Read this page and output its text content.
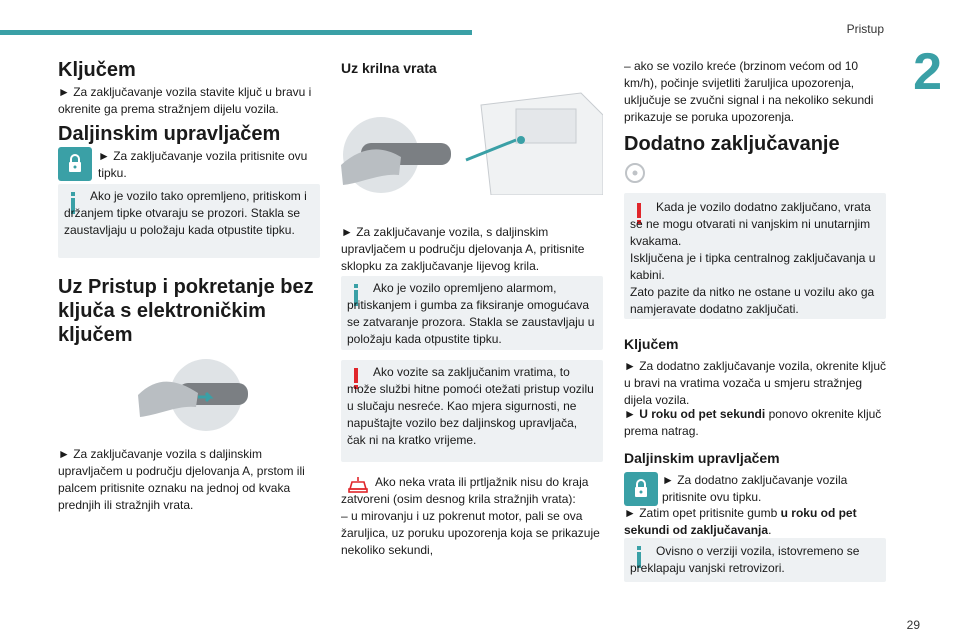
Pristup
2
29
Ključem

► Za zaključavanje vozila stavite ključ u bravu i okrenite ga prema stražnjem dijelu vozila.

Daljinskim upravljačem

► Za zaključavanje vozila pritisnite ovu tipku.

Ako je vozilo tako opremljeno, pritiskom i držanjem tipke otvaraju se prozori. Stakla se zaustavljaju u položaju kada otpustite tipku.

Uz Pristup i pokretanje bez ključa s elektroničkim ključem

► Za zaključavanje vozila s daljinskim upravljačem u području djelovanja A, prstom ili palcem pritisnite oznaku na jednoj od kvaka prednjih ili stražnjih vrata.

Uz krilna vrata

► Za zaključavanje vozila, s daljinskim upravljačem u području djelovanja A, pritisnite sklopku za zaključavanje lijevog krila.

Ako je vozilo opremljeno alarmom, pritiskanjem i gumba za fiksiranje omogućava se zatvaranje prozora. Stakla se zaustavljaju u položaju kada otpustite tipku.

Ako vozite sa zaključanim vratima, to može službi hitne pomoći otežati pristup vozilu u slučaju nesreće. Kao mjera sigurnosti, ne napuštajte vozilo bez daljinskog upravljača, čak ni na kratko vrijeme.

Ako neka vrata ili prtljažnik nisu do kraja zatvoreni (osim desnog krila stražnjih vrata):
– u mirovanju i uz pokrenut motor, pali se ova žaruljica, uz poruku upozorenja koja se prikazuje nekoliko sekundi,

– ako se vozilo kreće (brzinom većom od 10 km/h), počinje svijetliti žaruljica upozorenja, uključuje se zvučni signal i na nekoliko sekundi prikazuje se poruka upozorenja.

Dodatno zaključavanje

Kada je vozilo dodatno zaključano, vrata se ne mogu otvarati ni vanjskim ni unutarnjim kvakama.
Isključena je i tipka centralnog zaključavanja u kabini.
Zato pazite da nitko ne ostane u vozilu ako ga namjeravate dodatno zaključati.

Ključem

► Za dodatno zaključavanje vozila, okrenite ključ u bravi na vratima vozača u smjeru stražnjeg dijela vozila.

► U roku od pet sekundi ponovo okrenite ključ prema natrag.

Daljinskim upravljačem

► Za dodatno zaključavanje vozila pritisnite ovu tipku.

► Zatim opet pritisnite gumb u roku od pet sekundi od zaključavanja.

Ovisno o verziji vozila, istovremeno se preklapaju vanjski retrovizori.
